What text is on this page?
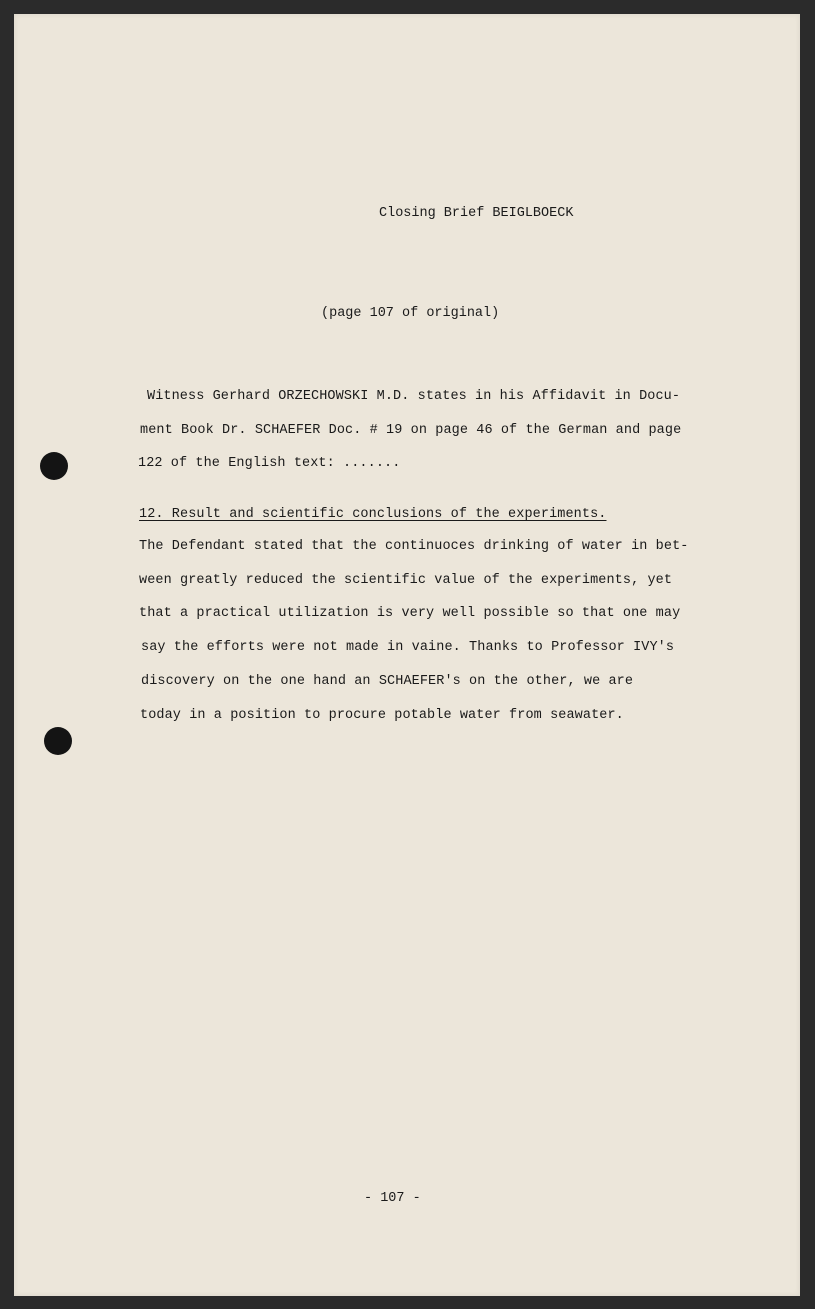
Closing Brief BEIGLBOECK
(page 107 of original)
Witness Gerhard ORZECHOWSKI M.D. states in his Affidavit in Docu-
ment Book Dr. SCHAEFER Doc. # 19 on page 46 of the German and page
122 of the English text: .......
12. Result and scientific conclusions of the experiments.
The Defendant stated that the continuoces drinking of water in bet-
ween greatly reduced the scientific value of the experiments, yet
that a practical utilization is very well possible so that one may
say the efforts were not made in vaine. Thanks to Professor IVY's
discovery on the one hand an SCHAEFER's on the other, we are
today in a position to procure potable water from seawater.
- 107 -
